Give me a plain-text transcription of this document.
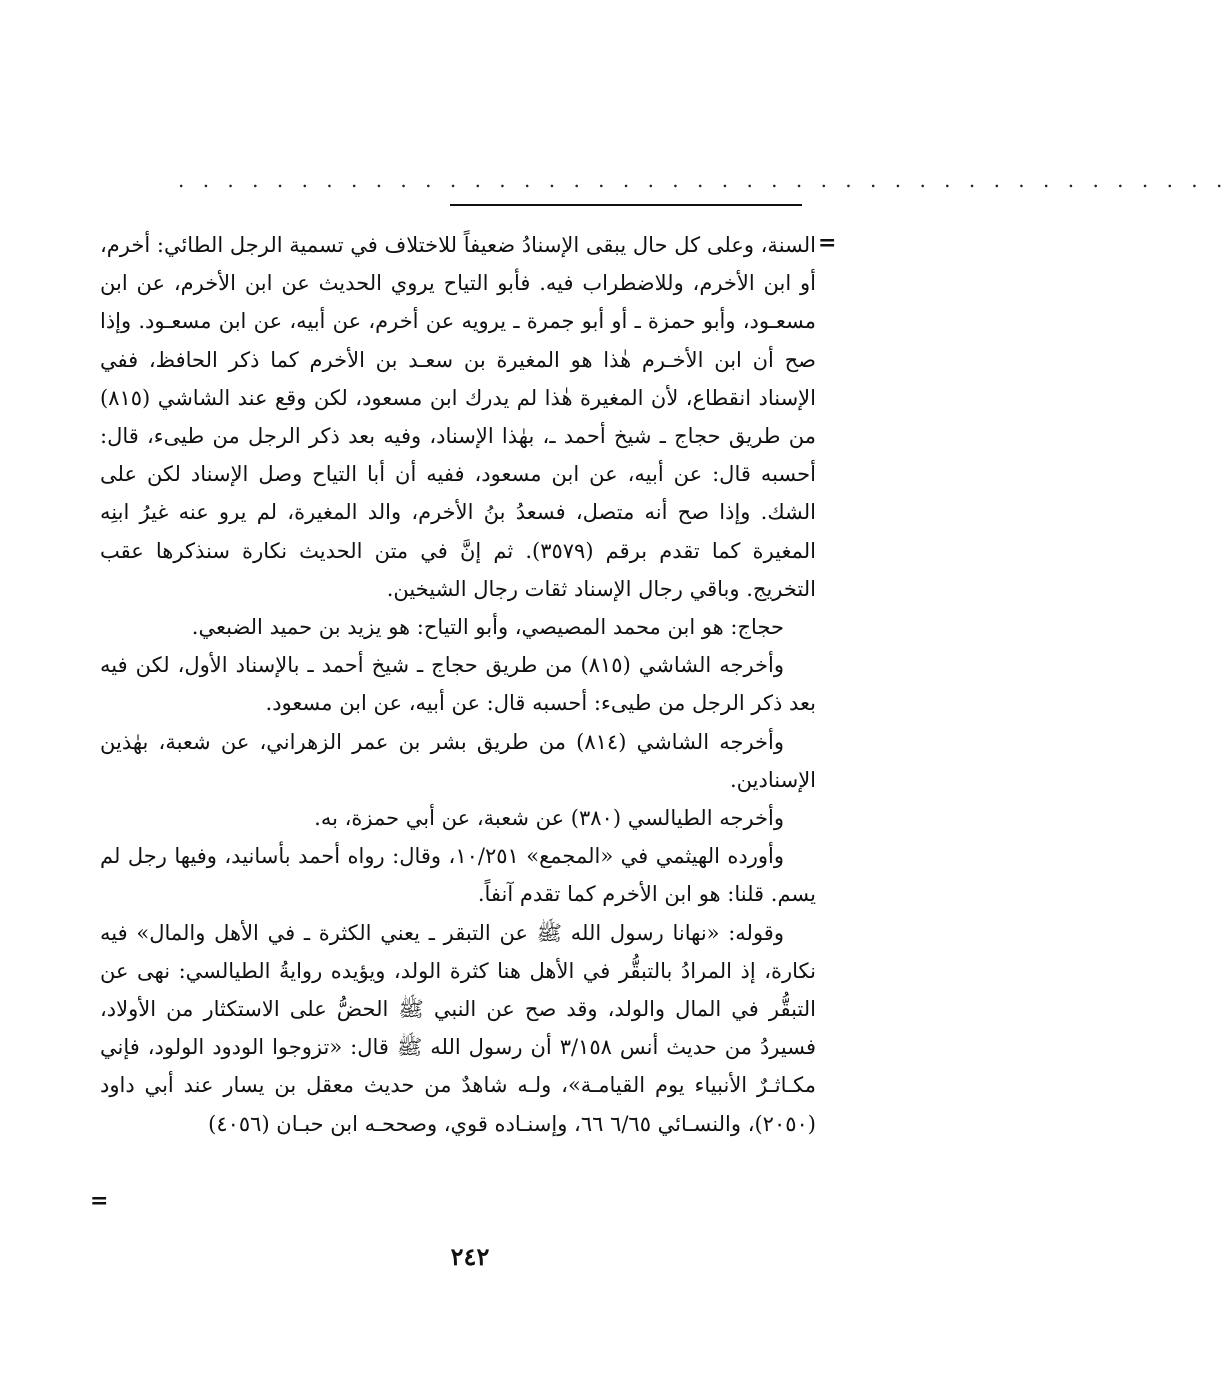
. . . . . . . . . . . . . . . . . . . . . . . . . . . . . . . . . . . . . . . . . . .
=

السنة، وعلى كل حال يبقى الإسنادُ ضعيفاً للاختلاف في تسمية الرجل الطائي: أخرم، أو ابن الأخرم، وللاضطراب فيه. فأبو التياح يروي الحديث عن ابن الأخرم، عن ابن مسعـود، وأبو حمزة ـ أو أبو جمرة ـ يرويه عن أخرم، عن أبيه، عن ابن مسعـود. وإذا صح أن ابن الأخـرم هٰذا هو المغيرة بن سعـد بن الأخرم كما ذكر الحافظ، ففي الإسناد انقطاع، لأن المغيرة هٰذا لم يدرك ابن مسعود، لكن وقع عند الشاشي (٨١٥) من طريق حجاج ـ شيخ أحمد ـ، بهٰذا الإسناد، وفيه بعد ذكر الرجل من طيىء، قال: أحسبه قال: عن أبيه، عن ابن مسعود، ففيه أن أبا التياح وصل الإسناد لكن على الشك. وإذا صح أنه متصل، فسعدُ بنُ الأخرم، والد المغيرة، لم يرو عنه غيرُ ابنِه المغيرة كما تقدم برقم (٣٥٧٩). ثم إنَّ في متن الحديث نكارة سنذكرها عقب التخريج. وباقي رجال الإسناد ثقات رجال الشيخين.

حجاج: هو ابن محمد المصيصي، وأبو التياح: هو يزيد بن حميد الضبعي.

وأخرجه الشاشي (٨١٥) من طريق حجاج ـ شيخ أحمد ـ بالإسناد الأول، لكن فيه بعد ذكر الرجل من طيىء: أحسبه قال: عن أبيه، عن ابن مسعود.

وأخرجه الشاشي (٨١٤) من طريق بشر بن عمر الزهراني، عن شعبة، بهٰذين الإسنادين.

وأخرجه الطيالسي (٣٨٠) عن شعبة، عن أبي حمزة، به.

وأورده الهيثمي في «المجمع» ١٠/٢٥١، وقال: رواه أحمد بأسانيد، وفيها رجل لم يسم. قلنا: هو ابن الأخرم كما تقدم آنفاً.

وقوله: «نهانا رسول الله ﷺ عن التبقر ـ يعني الكثرة ـ في الأهل والمال» فيه نكارة، إذ المرادُ بالتبقُّر في الأهل هنا كثرة الولد، ويؤيده روايةُ الطيالسي: نهى عن التبقُّر في المال والولد، وقد صح عن النبي ﷺ الحضُّ على الاستكثار من الأولاد، فسيردُ من حديث أنس ٣/١٥٨ أن رسول الله ﷺ قال: «تزوجوا الودود الولود، فإني مكـاثـرٌ الأنبياء يوم القيامـة»، ولـه شاهدٌ من حديث معقل بن يسار عند أبي داود (٢٠٥٠)، والنسـائي ٦/٦٥ ٦٦، وإسنـاده قوي، وصححـه ابن حبـان (٤٠٥٦)

=
٢٤٢
